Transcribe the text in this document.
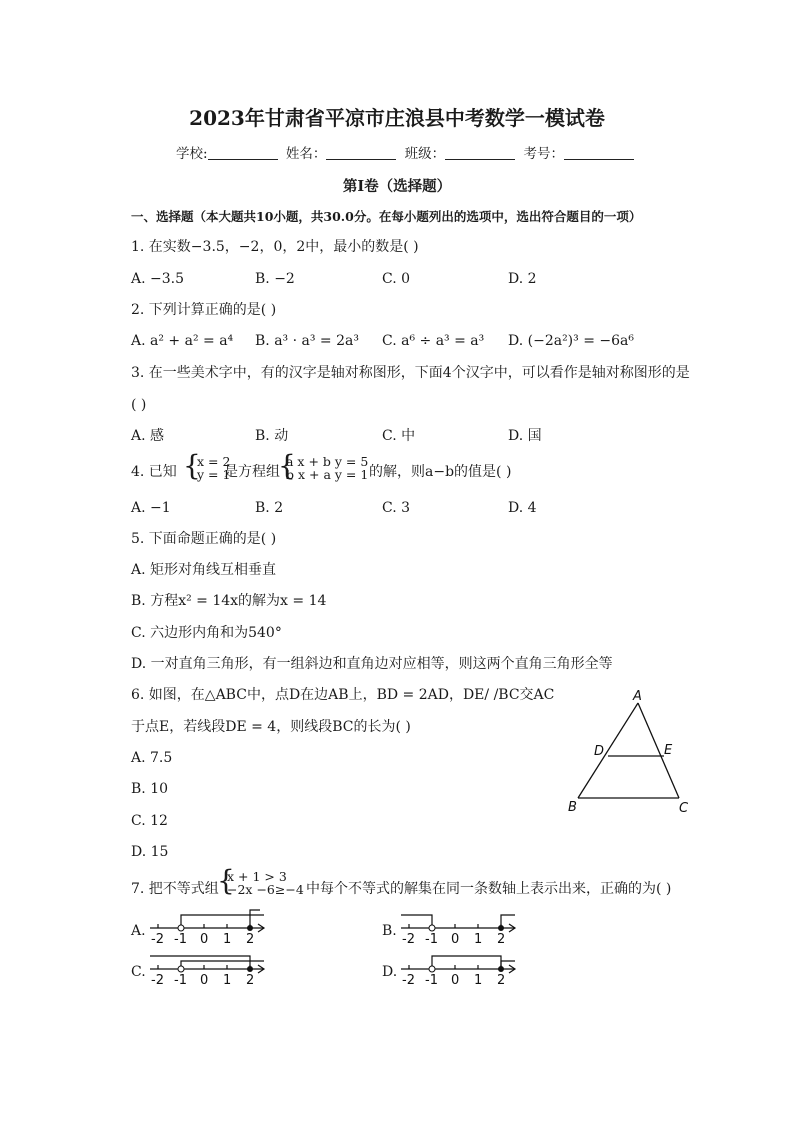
2023年甘肃省平凉市庄浪县中考数学一模试卷
学校:	姓名：	班级：	考号：
第I卷（选择题）
一、选择题（本大题共10小题，共30.0分。在每小题列出的选项中，选出符合题目的一项）
1. 在实数−3.5，−2，0，2中，最小的数是( )
A. −3.5	B. −2	C. 0	D. 2
2. 下列计算正确的是( )
A. a² + a² = a⁴ B. a³ · a³ = 2a³ C. a⁶ ÷ a³ = a³ D. (−2a²)³ = −6a⁶
3. 在一些美术字中，有的汉字是轴对称图形，下面4个汉字中，可以看作是轴对称图形的是
( )
A. 感	B. 动	C. 中	D. 国
4. 已知 {
x = 2
y = 1
是方程组
{
a x + b y = 5
b x + a y = 1 的解，则a−b的值是( )
A. −1	B. 2	C. 3	D. 4
5. 下面命题正确的是( )
A. 矩形对角线互相垂直
B. 方程x² = 14x的解为x = 14
C. 六边形内角和为540°
D. 一对直角三角形，有一组斜边和直角边对应相等，则这两个直角三角形全等
6. 如图，在△ABC中，点D在边AB上，BD = 2AD，DE/ /BC交AC
于点E，若线段DE = 4，则线段BC的长为( )
A. 7.5
B. 10
C. 12
D. 15
A
D	E
B	C
7. 把不等式组
{
x + 1 > 3
−2x −6≥−4 中每个不等式的解集在同一条数轴上表示出来，正确的为( )
A.	B.
C.	D.
-2 -1 0 1 2	-2 -1 0 1 2
-2 -1 0 1 2	-2 -1 0 1 2
